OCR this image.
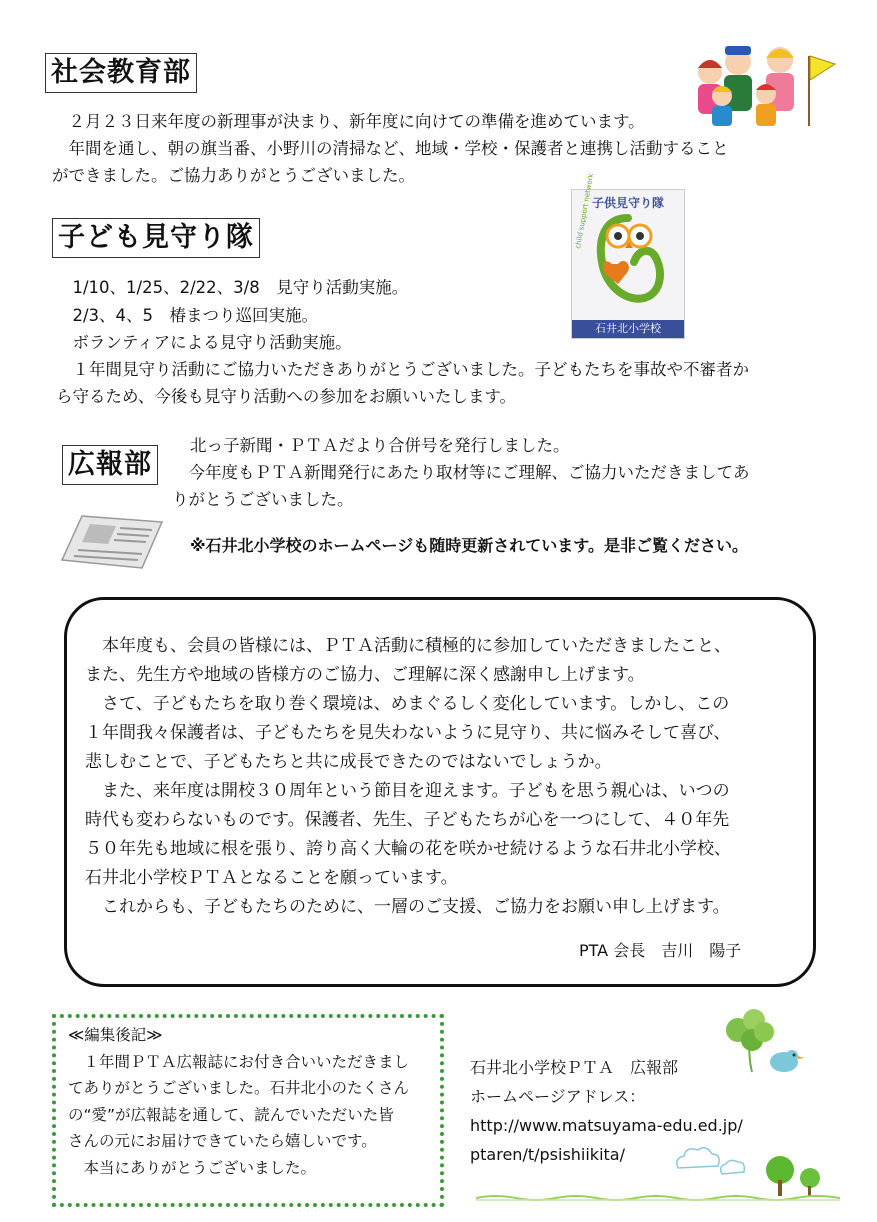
社会教育部
　２月２３日来年度の新理事が決まり、新年度に向けての準備を進めています。
　年間を通し、朝の旗当番、小野川の清掃など、地域・学校・保護者と連携し活動すること
ができました。ご協力ありがとうございました。
子ども見守り隊
子供見守り隊
child support network
石井北小学校
　1/10、1/25、2/22、3/8　見守り活動実施。
　2/3、4、5　椿まつり巡回実施。
　ボランティアによる見守り活動実施。
　１年間見守り活動にご協力いただきありがとうございました。子どもたちを事故や不審者か
ら守るため、今後も見守り活動への参加をお願いいたします。
広報部
北っ子新聞・ＰＴＡだより合併号を発行しました。
　今年度もＰＴＡ新聞発行にあたり取材等にご理解、ご協力いただきましてあ
りがとうございました。
※石井北小学校のホームページも随時更新されています。是非ご覧ください。
　本年度も、会員の皆様には、ＰＴＡ活動に積極的に参加していただきましたこと、
また、先生方や地域の皆様方のご協力、ご理解に深く感謝申し上げます。
　さて、子どもたちを取り巻く環境は、めまぐるしく変化しています。しかし、この
１年間我々保護者は、子どもたちを見失わないように見守り、共に悩みそして喜び、
悲しむことで、子どもたちと共に成長できたのではないでしょうか。
　また、来年度は開校３０周年という節目を迎えます。子どもを思う親心は、いつの
時代も変わらないものです。保護者、先生、子どもたちが心を一つにして、４０年先
５０年先も地域に根を張り、誇り高く大輪の花を咲かせ続けるような石井北小学校、
石井北小学校ＰＴＡとなることを願っています。
　これからも、子どもたちのために、一層のご支援、ご協力をお願い申し上げます。
PTA 会長　吉川　陽子
≪編集後記≫
　１年間ＰＴＡ広報誌にお付き合いいただきまし
てありがとうございました。石井北小のたくさん
の“愛”が広報誌を通して、読んでいただいた皆
さんの元にお届けできていたら嬉しいです。
　本当にありがとうございました。
石井北小学校ＰＴＡ　広報部
ホームページアドレス：
http://www.matsuyama-edu.ed.jp/
ptaren/t/psishiikita/
